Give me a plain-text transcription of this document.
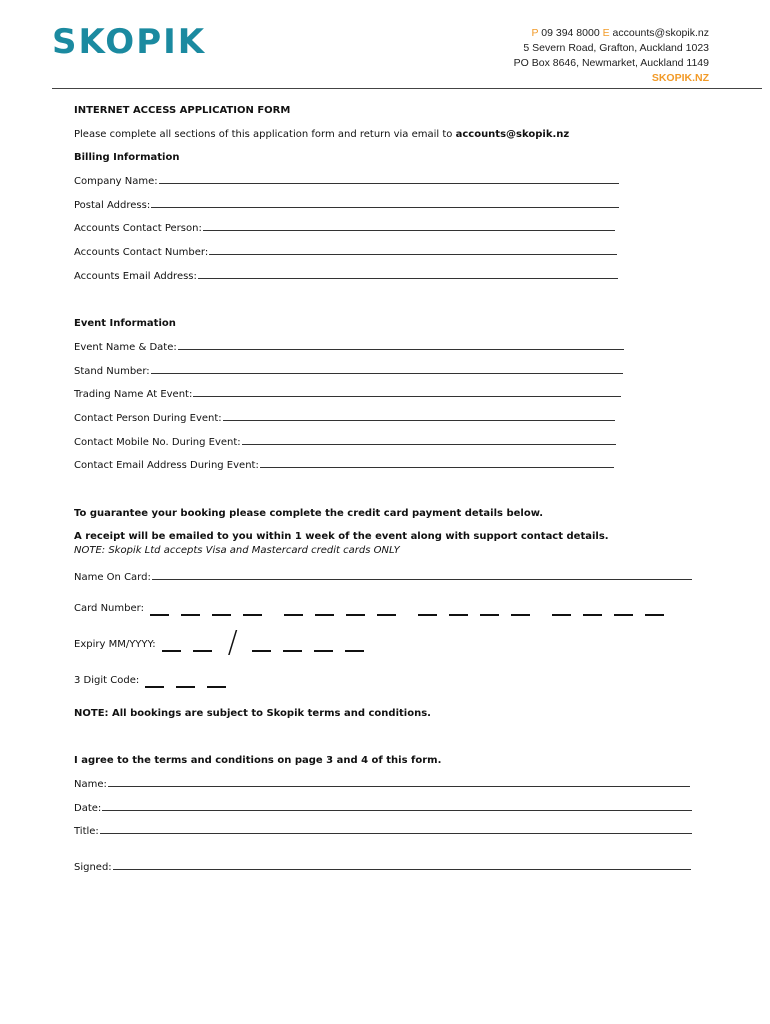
SKOPIK	P 09 394 8000 E accounts@skopik.nz
5 Severn Road, Grafton, Auckland 1023
PO Box 8646, Newmarket, Auckland 1149
SKOPIK.NZ
INTERNET ACCESS APPLICATION FORM
Please complete all sections of this application form and return via email to accounts@skopik.nz
Billing Information
Company Name:
Postal Address:
Accounts Contact Person:
Accounts Contact Number:
Accounts Email Address:
Event Information
Event Name & Date:
Stand Number:
Trading Name At Event:
Contact Person During Event:
Contact Mobile No. During Event:
Contact Email Address During Event:
To guarantee your booking please complete the credit card payment details below.
A receipt will be emailed to you within 1 week of the event along with support contact details.
NOTE: Skopik Ltd accepts Visa and Mastercard credit cards ONLY
Name On Card:
Card Number:
Expiry MM/YYYY: /
3 Digit Code:
NOTE: All bookings are subject to Skopik terms and conditions.
I agree to the terms and conditions on page 3 and 4 of this form.
Name:
Date:
Title:
Signed:
